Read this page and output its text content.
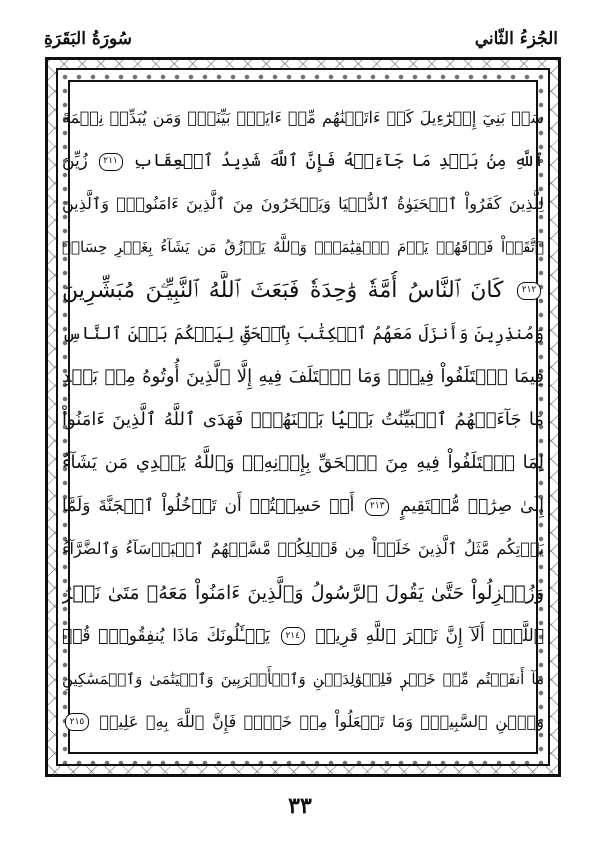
الجُزءُ الثّاني
سُورَةُ البَقَرَةِ
سَلۡ بَنِيٓ إِسۡرَٰٓءِيلَ كَمۡ ءَاتَيۡنَٰهُم مِّنۡ ءَايَةِۭ بَيِّنَةٖۗ وَمَن يُبَدِّلۡ نِعۡمَةَ
ٱللَّهِ مِنۢ بَعۡدِ مَا جَآءَتۡهُ فَإِنَّ ٱللَّهَ شَدِيدُ ٱلۡعِقَابِ ٢١١ زُيِّنَ
لِلَّذِينَ كَفَرُواْ ٱلۡحَيَوٰةُ ٱلدُّنۡيَا وَيَسۡخَرُونَ مِنَ ٱلَّذِينَ ءَامَنُواْۘ وَٱلَّذِينَ
ٱتَّقَوۡاْ فَوۡقَهُمۡ يَوۡمَ ٱلۡقِيَٰمَةِۗ وَٱللَّهُ يَرۡزُقُ مَن يَشَآءُ بِغَيۡرِ حِسَابٖ
٢١٢ كَانَ ٱلنَّاسُ أُمَّةٗ وَٰحِدَةٗ فَبَعَثَ ٱللَّهُ ٱلنَّبِيِّـۧنَ مُبَشِّرِينَ
وَمُنذِرِينَ وَأَنزَلَ مَعَهُمُ ٱلۡكِتَٰبَ بِٱلۡحَقِّ لِيَحۡكُمَ بَيۡنَ ٱلنَّاسِ
فِيمَا ٱخۡتَلَفُواْ فِيهِۚ وَمَا ٱخۡتَلَفَ فِيهِ إِلَّا ٱلَّذِينَ أُوتُوهُ مِنۢ بَعۡدِ
مَا جَآءَتۡهُمُ ٱلۡبَيِّنَٰتُ بَغۡيَۢا بَيۡنَهُمۡۖ فَهَدَى ٱللَّهُ ٱلَّذِينَ ءَامَنُواْ
لِمَا ٱخۡتَلَفُواْ فِيهِ مِنَ ٱلۡحَقِّ بِإِذۡنِهِۦۗ وَٱللَّهُ يَهۡدِي مَن يَشَآءُ
إِلَىٰ صِرَٰطٖ مُّسۡتَقِيمٍ ٢١٣ أَمۡ حَسِبۡتُمۡ أَن تَدۡخُلُواْ ٱلۡجَنَّةَ وَلَمَّا
يَأۡتِكُم مَّثَلُ ٱلَّذِينَ خَلَوۡاْ مِن قَبۡلِكُمۖ مَّسَّتۡهُمُ ٱلۡبَأۡسَآءُ وَٱلضَّرَّآءُ
وَزُلۡزِلُواْ حَتَّىٰ يَقُولَ ٱلرَّسُولُ وَٱلَّذِينَ ءَامَنُواْ مَعَهُۥ مَتَىٰ نَصۡرُ
ٱللَّهِۗ أَلَآ إِنَّ نَصۡرَ ٱللَّهِ قَرِيبٞ ٢١٤ يَسۡـَٔلُونَكَ مَاذَا يُنفِقُونَۖ قُلۡ
مَآ أَنفَقۡتُم مِّنۡ خَيۡرٖ فَلِلۡوَٰلِدَيۡنِ وَٱلۡأَقۡرَبِينَ وَٱلۡيَتَٰمَىٰ وَٱلۡمَسَٰكِينِ
وَٱبۡنِ ٱلسَّبِيلِۗ وَمَا تَفۡعَلُواْ مِنۡ خَيۡرٖ فَإِنَّ ٱللَّهَ بِهِۦ عَلِيمٞ ٢١٥
٣٣
